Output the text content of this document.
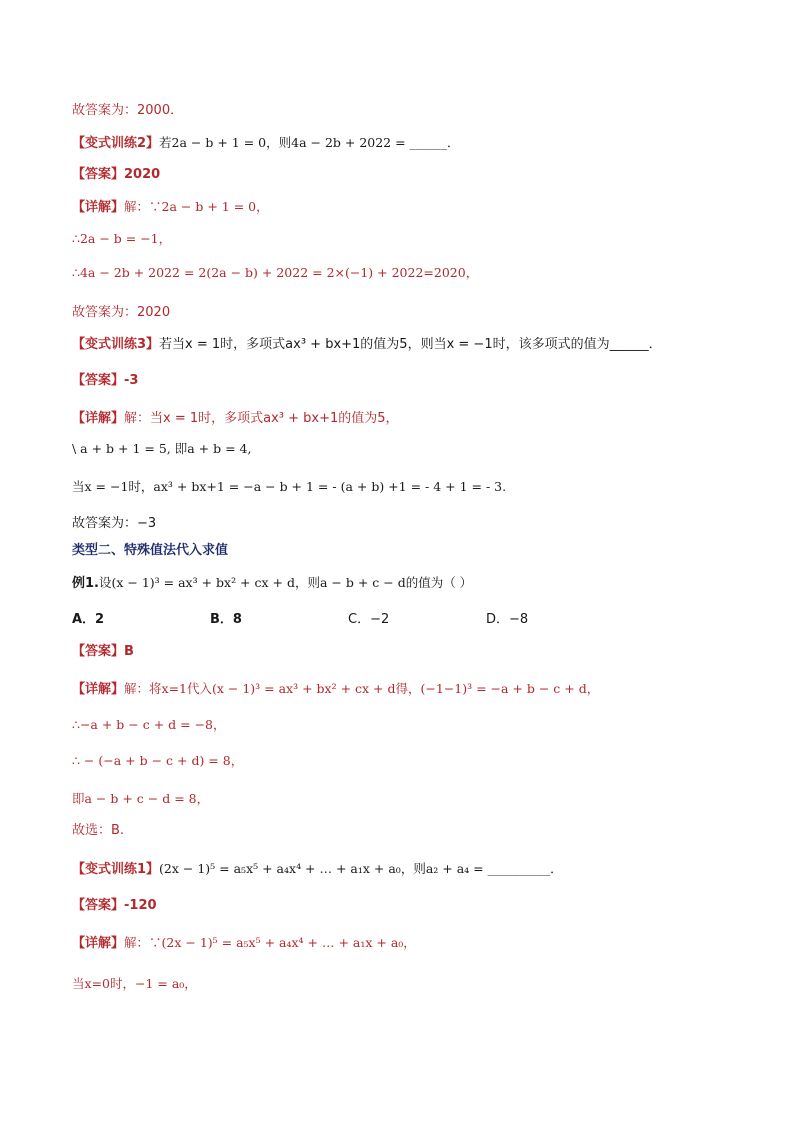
故答案为：2000．
【变式训练2】若2a − b + 1 = 0，则4a − 2b + 2022 = ______．
【答案】2020
【详解】解：∵2a − b + 1 = 0，
∴2a − b = −1，
∴4a − 2b + 2022 = 2(2a − b) + 2022 = 2×(−1) + 2022=2020，
故答案为：2020
【变式训练3】若当x = 1时，多项式ax³ + bx+1的值为5，则当x = −1时，该多项式的值为______．
【答案】-3
【详解】解：当x = 1时，多项式ax³ + bx+1的值为5，
\ a + b + 1 = 5, 即a + b = 4,
当x = −1时，ax³ + bx+1 = −a − b + 1 = - (a + b) +1 = - 4 + 1 = - 3.
故答案为：−3
类型二、特殊值法代入求值
例1.设(x − 1)³ = ax³ + bx² + cx + d，则a − b + c − d的值为（ ）
A．2	B．8	C．−2	D．−8
【答案】B
【详解】解：将x=1代入(x − 1)³ = ax³ + bx² + cx + d得，(−1−1)³ = −a + b − c + d，
∴−a + b − c + d = −8，
∴ − (−a + b − c + d) = 8，
即a − b + c − d = 8，
故选：B.
【变式训练1】(2x − 1)⁵ = a₅x⁵ + a₄x⁴ + … + a₁x + a₀，则a₂ + a₄ = __________．
【答案】-120
【详解】解：∵(2x − 1)⁵ = a₅x⁵ + a₄x⁴ + … + a₁x + a₀，
当x=0时，−1 = a₀，
